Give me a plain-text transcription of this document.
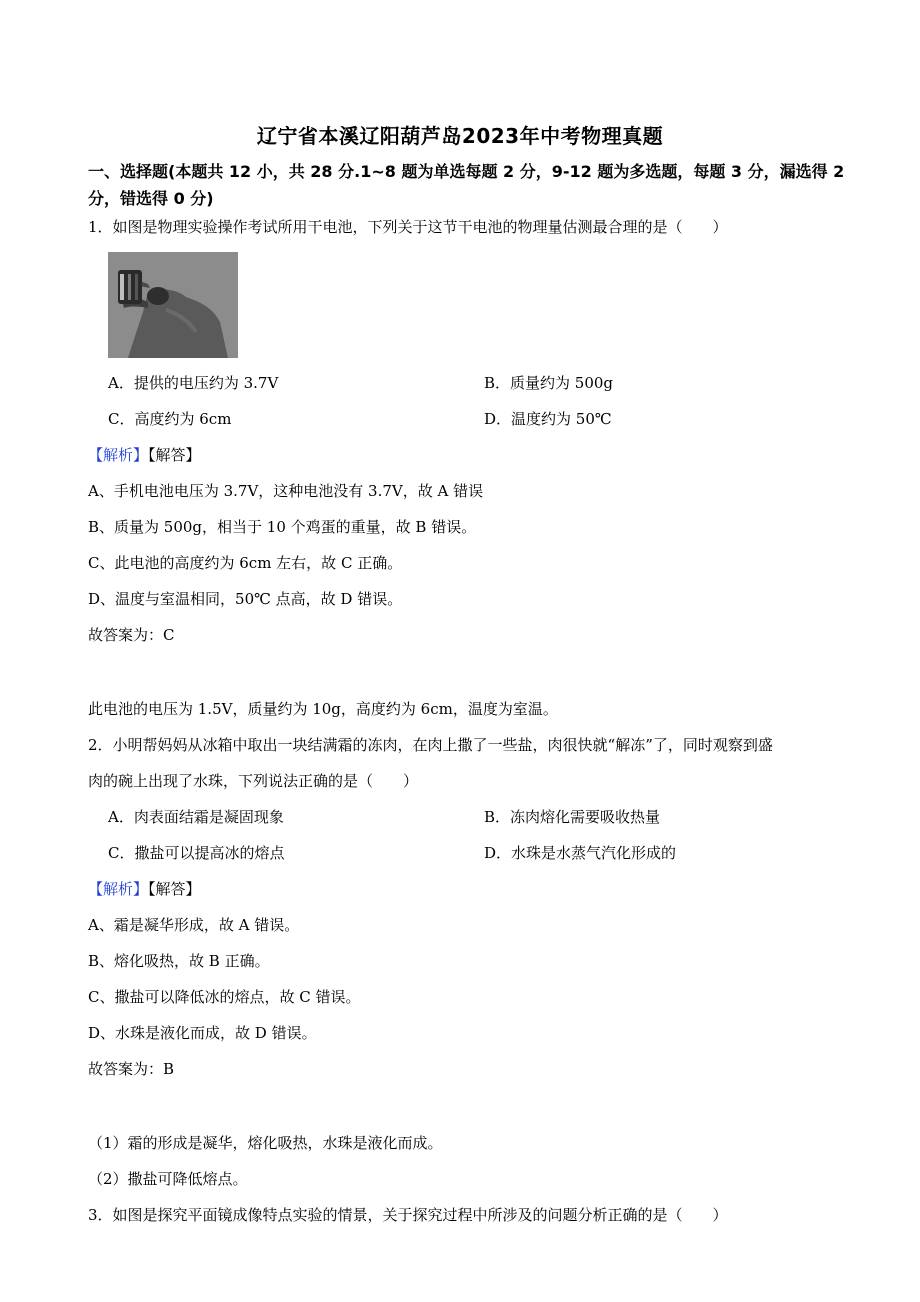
辽宁省本溪辽阳葫芦岛2023年中考物理真题
一、选择题(本题共 12 小，共 28 分.1~8 题为单选每题 2 分，9-12 题为多选题，每题 3 分，漏选得 2 分，错选得 0 分)
1．如图是物理实验操作考试所用干电池，下列关于这节干电池的物理量估测最合理的是（　　）
A．提供的电压约为 3.7V	B．质量约为 500g
C．高度约为 6cm	D．温度约为 50℃
【解析】【解答】
A、手机电池电压为 3.7V，这种电池没有 3.7V，故 A 错误
B、质量为 500g，相当于 10 个鸡蛋的重量，故 B 错误。
C、此电池的高度约为 6cm 左右，故 C 正确。
D、温度与室温相同，50℃ 点高，故 D 错误。
故答案为：C
此电池的电压为 1.5V，质量约为 10g，高度约为 6cm，温度为室温。
2．小明帮妈妈从冰箱中取出一块结满霜的冻肉，在肉上撒了一些盐，肉很快就“解冻”了，同时观察到盛
肉的碗上出现了水珠，下列说法正确的是（　　）
A．肉表面结霜是凝固现象	B．冻肉熔化需要吸收热量
C．撒盐可以提高冰的熔点	D．水珠是水蒸气汽化形成的
【解析】【解答】
A、霜是凝华形成，故 A 错误。
B、熔化吸热，故 B 正确。
C、撒盐可以降低冰的熔点，故 C 错误。
D、水珠是液化而成，故 D 错误。
故答案为：B
（1）霜的形成是凝华，熔化吸热，水珠是液化而成。
（2）撒盐可降低熔点。
3．如图是探究平面镜成像特点实验的情景，关于探究过程中所涉及的问题分析正确的是（　　）
